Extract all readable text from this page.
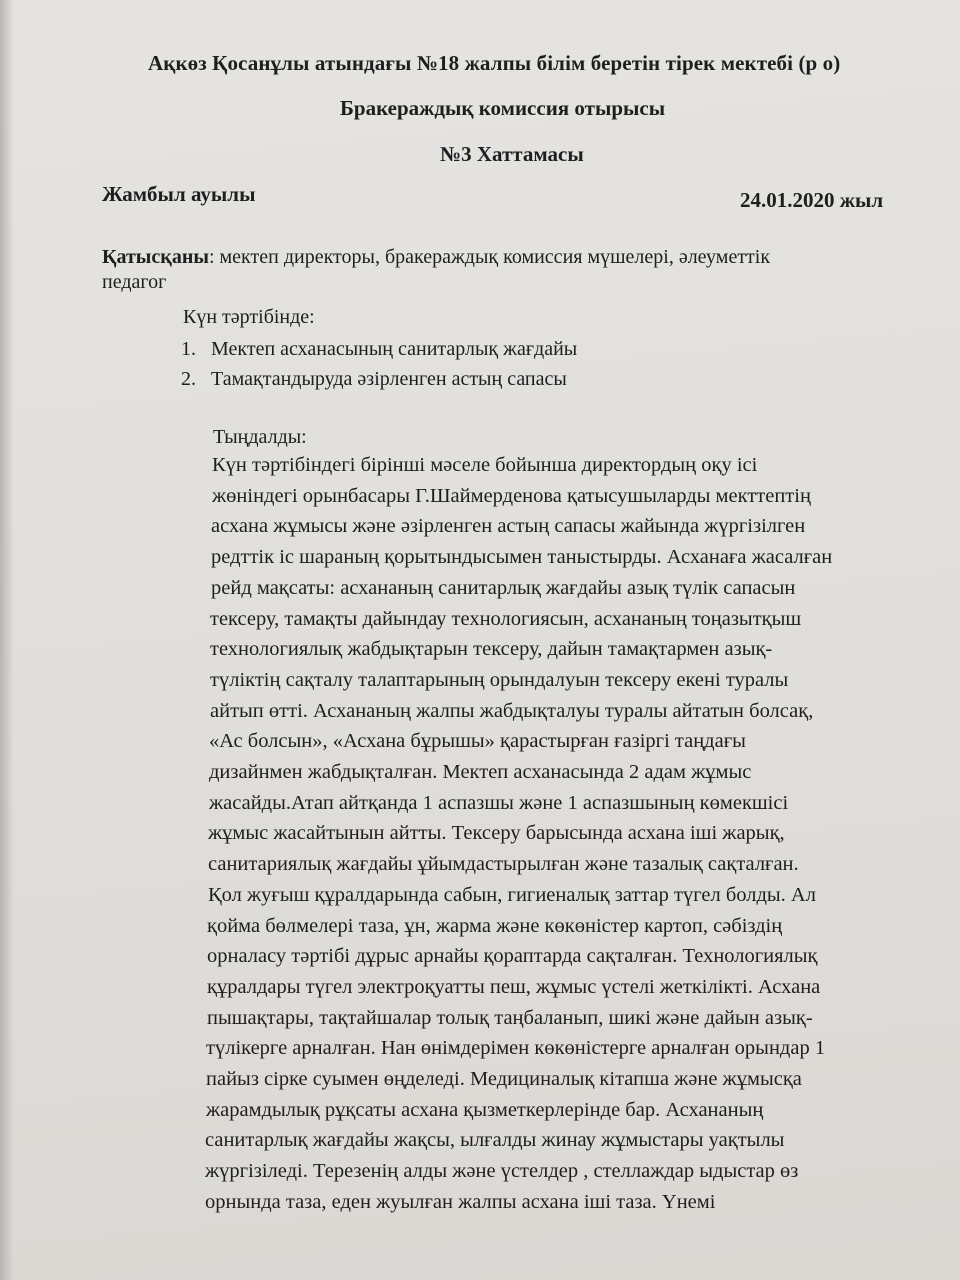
Ақкөз Қосанұлы атындағы №18 жалпы білім беретін тірек мектебі (р о)
Бракераждық комиссия отырысы
№3 Хаттамасы
Жамбыл ауылы	24.01.2020 жыл
Қатысқаны: мектеп директоры, бракераждық комиссия мүшелері, әлеуметтік
педагог
Күн тәртібінде:
1. Мектеп асханасының санитарлық жағдайы
2. Тамақтандыруда әзірленген астың сапасы
Тыңдалды:
Күн тәртібіндегі бірінші мәселе бойынша директордың оқу ісі
жөніндегі орынбасары Г.Шаймерденова қатысушыларды мекттептің
асхана жұмысы және әзірленген астың сапасы жайында жүргізілген
редттік іс шараның қорытындысымен таныстырды. Асханаға жасалған
рейд мақсаты: асхананың санитарлық жағдайы азық түлік сапасын
тексеру, тамақты дайындау технологиясын, асхананың тоңазытқыш
технологиялық жабдықтарын тексеру, дайын тамақтармен азық-
түліктің сақталу талаптарының орындалуын тексеру екені туралы
айтып өтті. Асхананың жалпы жабдықталуы туралы айтатын болсақ,
«Ас болсын», «Асхана бұрышы» қарастырған ғазіргі таңдағы
дизайнмен жабдықталған. Мектеп асханасында 2 адам жұмыс
жасайды.Атап айтқанда 1 аспазшы және 1 аспазшының көмекшісі
жұмыс жасайтынын айтты. Тексеру барысында асхана іші жарық,
санитариялық жағдайы ұйымдастырылған және тазалық сақталған.
Қол жуғыш құралдарында сабын, гигиеналық заттар түгел болды. Ал
қойма бөлмелері таза, ұн, жарма және көкөністер картоп, сәбіздің
орналасу тәртібі дұрыс арнайы қораптарда сақталған. Технологиялық
құралдары түгел электроқуатты пеш, жұмыс үстелі жеткілікті. Асхана
пышақтары, тақтайшалар толық таңбаланып, шикі және дайын азық-
түлікерге арналған. Нан өнімдерімен көкөністерге арналған орындар 1
пайыз сірке суымен өңделеді. Медициналық кітапша және жұмысқа
жарамдылық рұқсаты асхана қызметкерлерінде бар. Асхананың
санитарлық жағдайы жақсы, ылғалды жинау жұмыстары уақтылы
жүргізіледі. Терезенің алды және үстелдер , стеллаждар ыдыстар өз
орнында таза, еден жуылған жалпы асхана іші таза. Үнемі
